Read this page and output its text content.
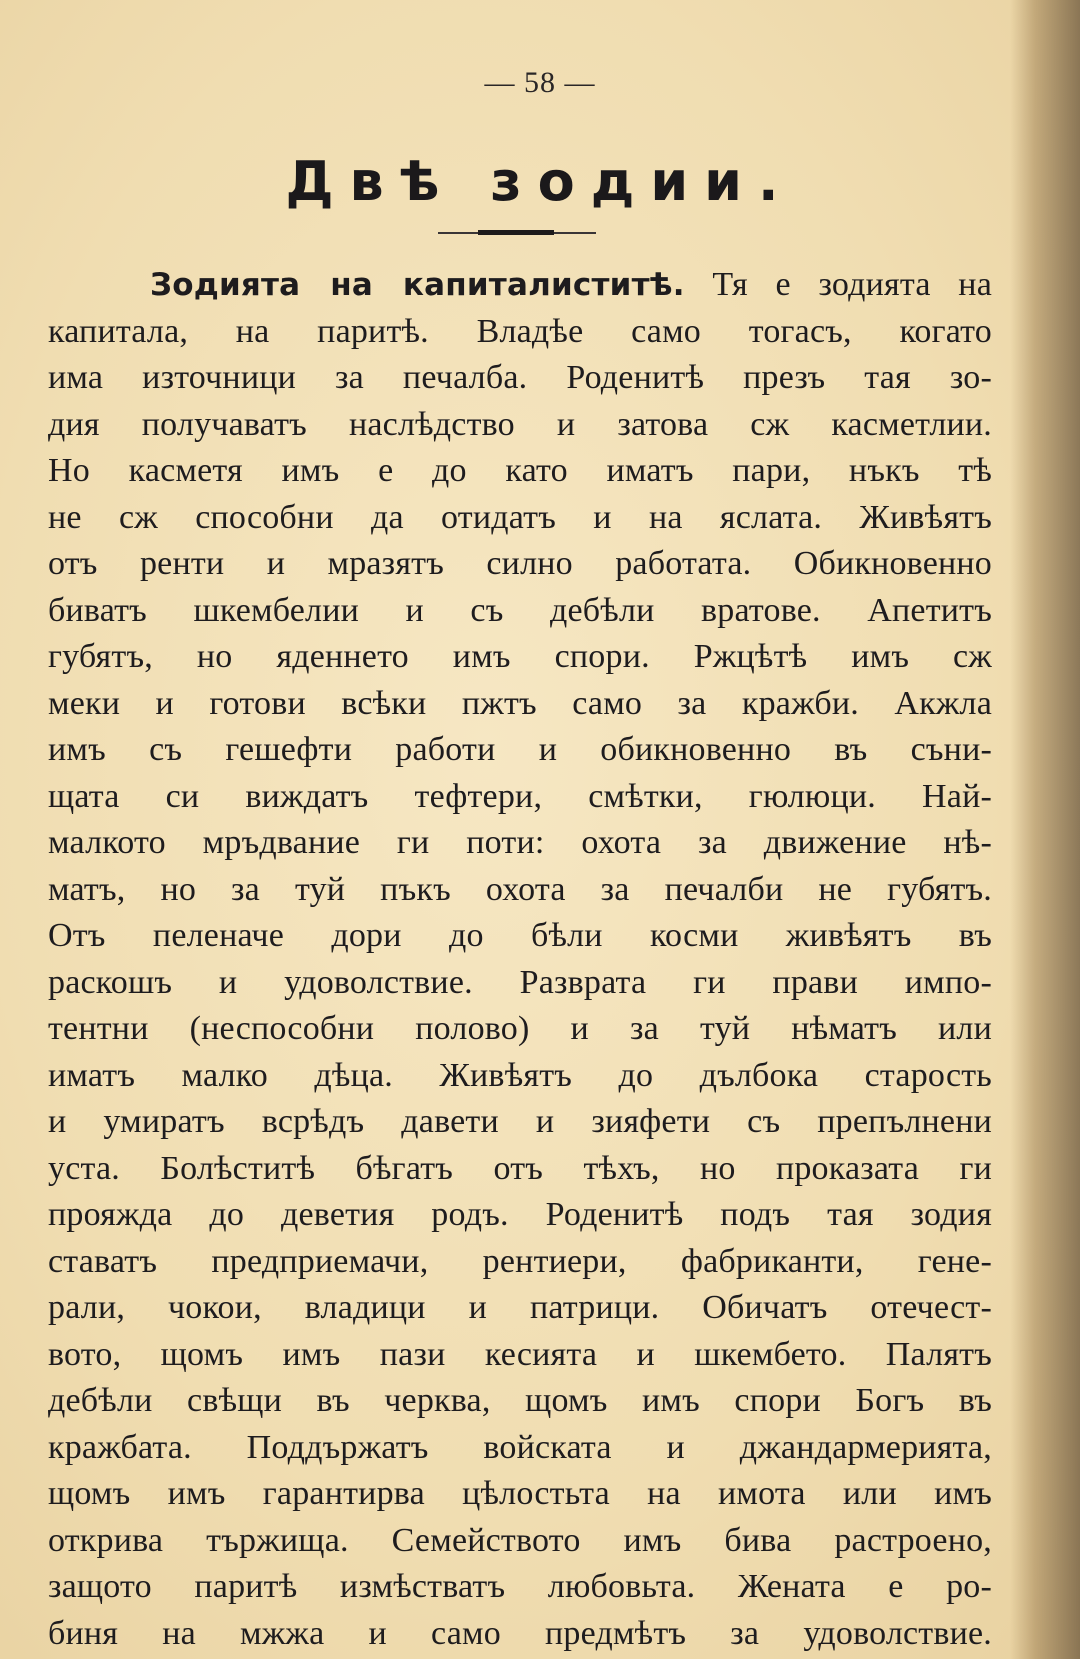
— 58 —
Двѣ зодии.
Зодията на капиталиститѣ. Тя е зодията на
капитала, на паритѣ. Владѣе само тогасъ, когато
има източници за печалба. Роденитѣ презъ тая зо-
дия получаватъ наслѣдство и затова сж касметлии.
Но касметя имъ е до като иматъ пари, нъкъ тѣ
не сж способни да отидатъ и на яслата. Живѣятъ
отъ ренти и мразятъ силно работата. Обикновенно
биватъ шкембелии и съ дебѣли вратове. Апетитъ
губятъ, но яденнето имъ спори. Ржцѣтѣ имъ сж
меки и готови всѣки пжтъ само за кражби. Акжла
имъ съ гешефти работи и обикновенно въ съни-
щата си виждатъ тефтери, смѣтки, гюлюци. Най-
малкото мръдвание ги поти: охота за движение нѣ-
матъ, но за туй пъкъ охота за печалби не губятъ.
Отъ пеленаче дори до бѣли косми живѣятъ въ
раскошъ и удоволствие. Разврата ги прави импо-
тентни (неспособни полово) и за туй нѣматъ или
иматъ малко дѣца. Живѣятъ до дълбока старость
и умиратъ всрѣдъ давети и зияфети съ препълнени
уста. Болѣститѣ бѣгатъ отъ тѣхъ, но проказата ги
прояжда до деветия родъ. Роденитѣ подъ тая зодия
ставатъ предприемачи, рентиери, фабриканти, гене-
рали, чокои, владици и патрици. Обичатъ отечест-
вото, щомъ имъ пази кесията и шкембето. Палятъ
дебѣли свѣщи въ черква, щомъ имъ спори Богъ въ
кражбата. Поддържатъ войската и джандармерията,
щомъ имъ гарантирва цѣлостьта на имота или имъ
открива тържища. Семейството имъ бива растроено,
защото паритѣ измѣстватъ любовьта. Жената е ро-
биня на мжжа и само предмѣтъ за удоволствие.
